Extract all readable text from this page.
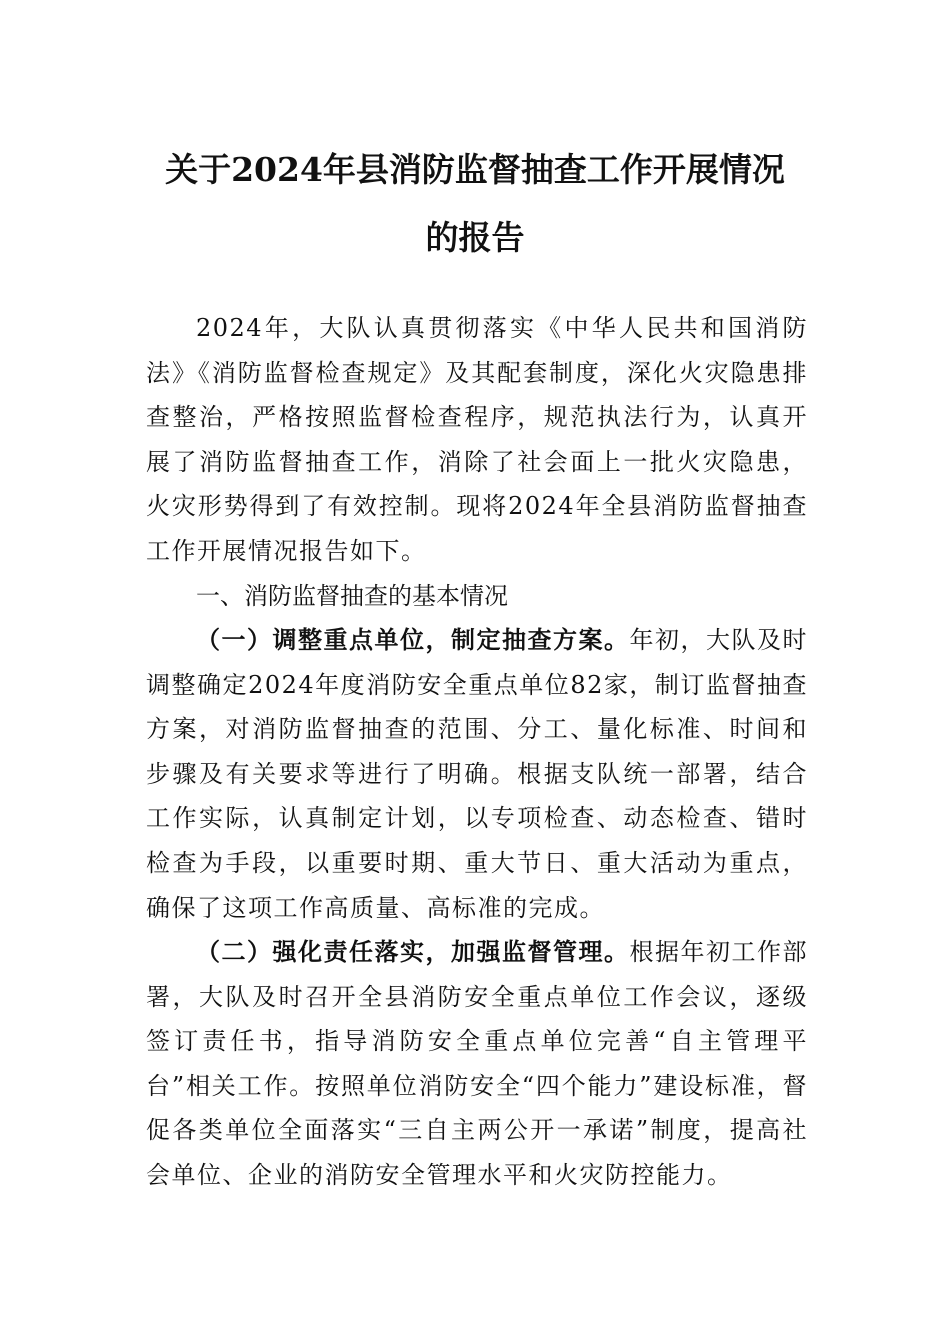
关于2024年县消防监督抽查工作开展情况
的报告

2024年，大队认真贯彻落实《中华人民共和国消防法》《消防监督检查规定》及其配套制度，深化火灾隐患排查整治，严格按照监督检查程序，规范执法行为，认真开展了消防监督抽查工作，消除了社会面上一批火灾隐患，火灾形势得到了有效控制。现将2024年全县消防监督抽查工作开展情况报告如下。

一、消防监督抽查的基本情况

（一）调整重点单位，制定抽查方案。年初，大队及时调整确定2024年度消防安全重点单位82家，制订监督抽查方案，对消防监督抽查的范围、分工、量化标准、时间和步骤及有关要求等进行了明确。根据支队统一部署，结合工作实际，认真制定计划，以专项检查、动态检查、错时检查为手段，以重要时期、重大节日、重大活动为重点，确保了这项工作高质量、高标准的完成。

（二）强化责任落实，加强监督管理。根据年初工作部署，大队及时召开全县消防安全重点单位工作会议，逐级签订责任书，指导消防安全重点单位完善“自主管理平台”相关工作。按照单位消防安全“四个能力”建设标准，督促各类单位全面落实“三自主两公开一承诺”制度，提高社会单位、企业的消防安全管理水平和火灾防控能力。
